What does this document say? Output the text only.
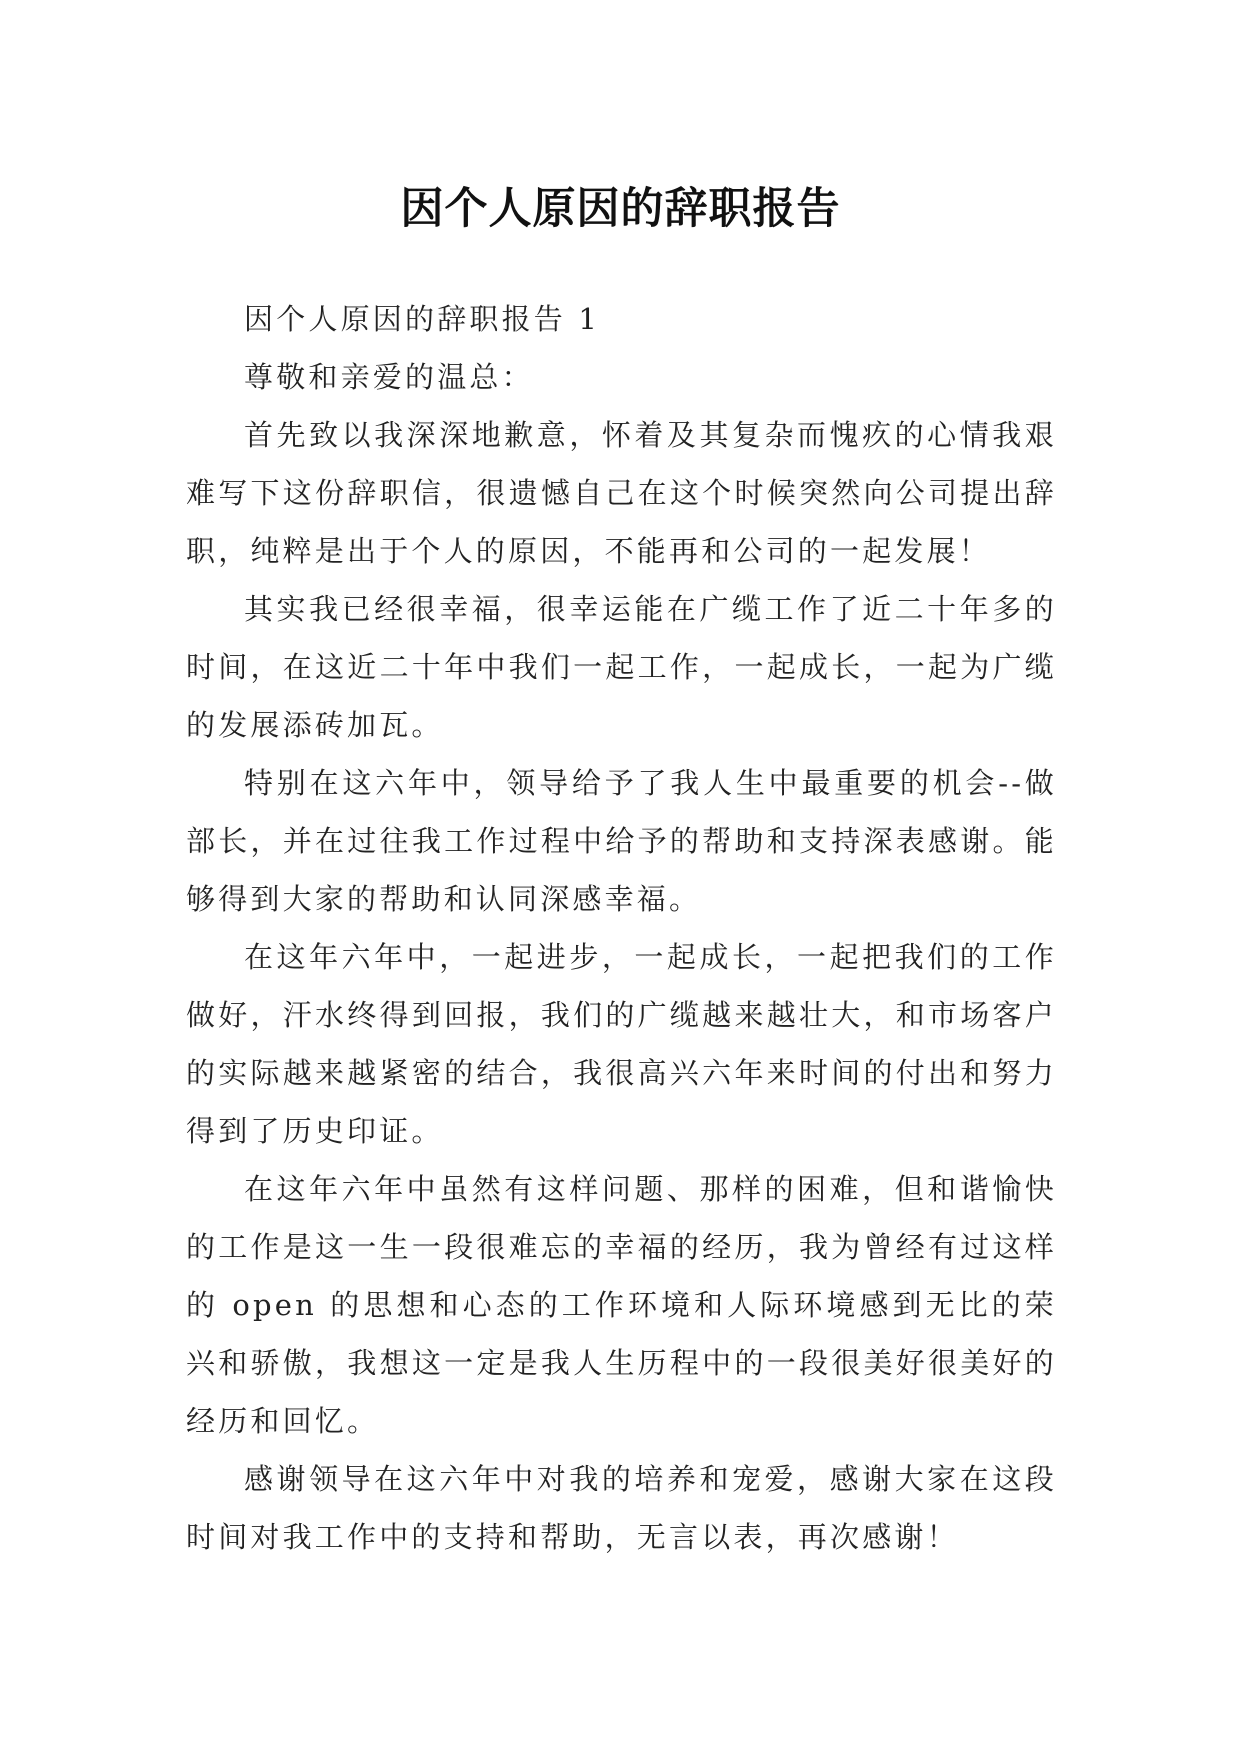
因个人原因的辞职报告

因个人原因的辞职报告 1

尊敬和亲爱的温总：

首先致以我深深地歉意，怀着及其复杂而愧疚的心情我艰难写下这份辞职信，很遗憾自己在这个时候突然向公司提出辞职，纯粹是出于个人的原因，不能再和公司的一起发展！

其实我已经很幸福，很幸运能在广缆工作了近二十年多的时间，在这近二十年中我们一起工作，一起成长，一起为广缆的发展添砖加瓦。

特别在这六年中，领导给予了我人生中最重要的机会--做部长，并在过往我工作过程中给予的帮助和支持深表感谢。能够得到大家的帮助和认同深感幸福。

在这年六年中，一起进步，一起成长，一起把我们的工作做好，汗水终得到回报，我们的广缆越来越壮大，和市场客户的实际越来越紧密的结合，我很高兴六年来时间的付出和努力得到了历史印证。

在这年六年中虽然有这样问题、那样的困难，但和谐愉快的工作是这一生一段很难忘的幸福的经历，我为曾经有过这样的 open 的思想和心态的工作环境和人际环境感到无比的荣兴和骄傲，我想这一定是我人生历程中的一段很美好很美好的经历和回忆。

感谢领导在这六年中对我的培养和宠爱，感谢大家在这段时间对我工作中的支持和帮助，无言以表，再次感谢！
